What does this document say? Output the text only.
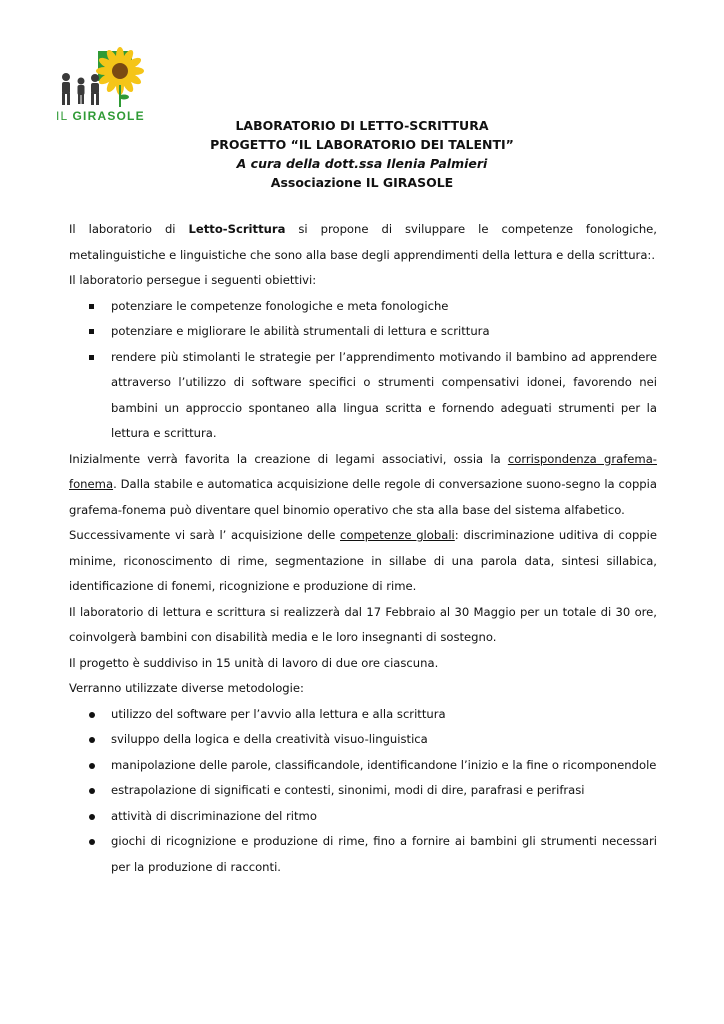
IL GIRASOLE
LABORATORIO DI LETTO-SCRITTURA
PROGETTO “IL LABORATORIO DEI TALENTI”
A cura della dott.ssa Ilenia Palmieri
Associazione IL GIRASOLE

Il laboratorio di Letto-Scrittura si propone di sviluppare le competenze fonologiche, metalinguistiche e linguistiche che sono alla base degli apprendimenti della lettura e della scrittura:.

Il laboratorio persegue i seguenti obiettivi:

potenziare le competenze fonologiche e meta fonologiche
potenziare e migliorare le abilità strumentali di lettura e scrittura
rendere più stimolanti le strategie per l’apprendimento motivando il bambino ad apprendere attraverso l’utilizzo di software specifici o strumenti compensativi idonei, favorendo nei bambini un approccio spontaneo alla lingua scritta e fornendo adeguati strumenti per la lettura e scrittura.

Inizialmente verrà favorita la creazione di legami associativi, ossia la corrispondenza grafema-fonema. Dalla stabile e automatica acquisizione delle regole di conversazione suono-segno la coppia grafema-fonema può diventare quel binomio operativo che sta alla base del sistema alfabetico.

Successivamente vi sarà l’ acquisizione delle competenze globali: discriminazione uditiva di coppie minime, riconoscimento di rime, segmentazione in sillabe di una parola data, sintesi sillabica, identificazione di fonemi, ricognizione e produzione di rime.

Il laboratorio di lettura e scrittura si realizzerà dal 17 Febbraio al 30 Maggio per un totale di 30 ore, coinvolgerà bambini con disabilità media e le loro insegnanti di sostegno.

Il progetto è suddiviso in 15 unità di lavoro di due ore ciascuna.

Verranno utilizzate diverse metodologie:

utilizzo del software per l’avvio alla lettura e alla scrittura
sviluppo della logica e della creatività visuo-linguistica
manipolazione delle parole, classificandole, identificandone l’inizio e la fine o ricomponendole
estrapolazione di significati e contesti, sinonimi, modi di dire, parafrasi e perifrasi
attività di discriminazione del ritmo
giochi di ricognizione e produzione di rime, fino a fornire ai bambini gli strumenti necessari per la produzione di racconti.
